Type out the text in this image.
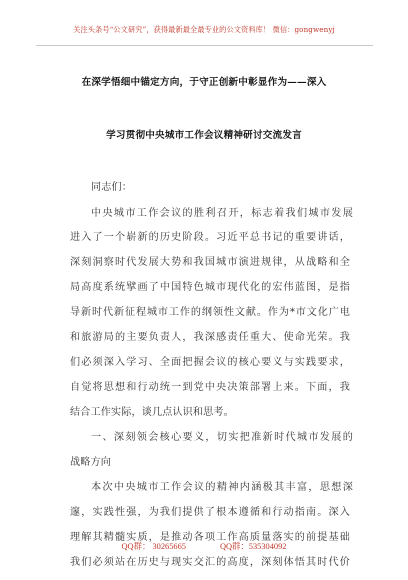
关注头条号“公文研究”，获得最新最全最专业的公文资料库！ 微信：gongwenyj
在深学悟细中锚定方向，于守正创新中彰显作为——深入
学习贯彻中央城市工作会议精神研讨交流发言
同志们：
中央城市工作会议的胜利召开，标志着我们城市发展
进入了一个崭新的历史阶段。习近平总书记的重要讲话，
深刻洞察时代发展大势和我国城市演进规律，从战略和全
局高度系统擘画了中国特色城市现代化的宏伟蓝图，是指
导新时代新征程城市工作的纲领性文献。作为*市文化广电
和旅游局的主要负责人，我深感责任重大、使命光荣。我
们必须深入学习、全面把握会议的核心要义与实践要求，
自觉将思想和行动统一到党中央决策部署上来。下面，我
结合工作实际，谈几点认识和思考。
一、深刻领会核心要义，切实把准新时代城市发展的
战略方向
本次中央城市工作会议的精神内涵极其丰富，思想深
邃，实践性强，为我们提供了根本遵循和行动指南。深入
理解其精髓实质，是推动各项工作高质量落实的前提基础
我们必须站在历史与现实交汇的高度，深刻体悟其时代价
QQ群： 30265665	QQ群：535304092
